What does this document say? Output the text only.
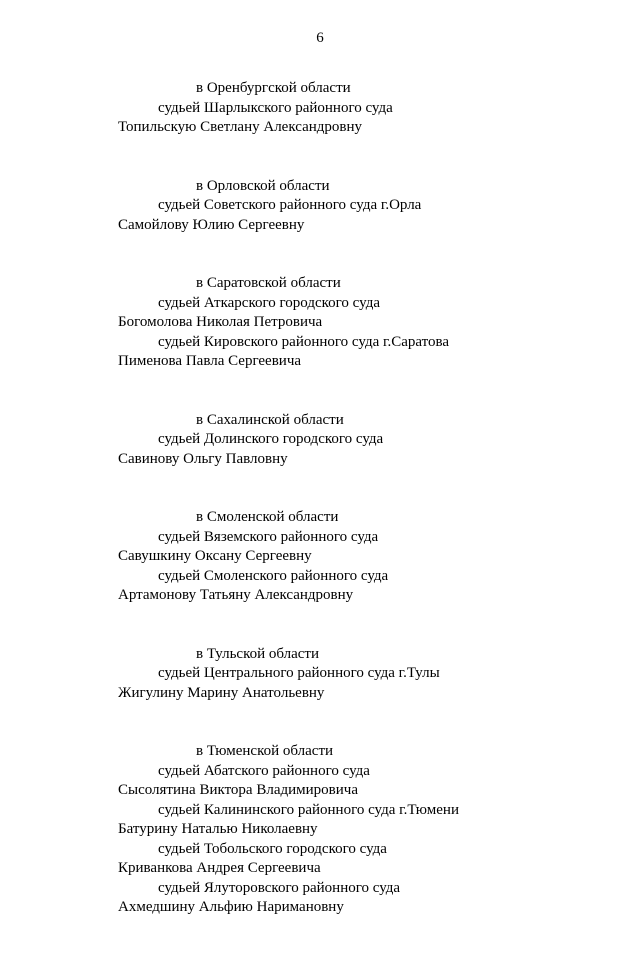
6
в Оренбургской области
судьей Шарлыкского районного суда
Топильскую Светлану Александровну
в Орловской области
судьей Советского районного суда г.Орла
Самойлову Юлию Сергеевну
в Саратовской области
судьей Аткарского городского суда
Богомолова Николая Петровича
судьей Кировского районного суда г.Саратова
Пименова Павла Сергеевича
в Сахалинской области
судьей Долинского городского суда
Савинову Ольгу Павловну
в Смоленской области
судьей Вяземского районного суда
Савушкину Оксану Сергеевну
судьей Смоленского районного суда
Артамонову Татьяну Александровну
в Тульской области
судьей Центрального районного суда г.Тулы
Жигулину Марину Анатольевну
в Тюменской области
судьей Абатского районного суда
Сысолятина Виктора Владимировича
судьей Калининского районного суда г.Тюмени
Батурину Наталью Николаевну
судьей Тобольского городского суда
Криванкова Андрея Сергеевича
судьей Ялуторовского районного суда
Ахмедшину Альфию Наримановну
